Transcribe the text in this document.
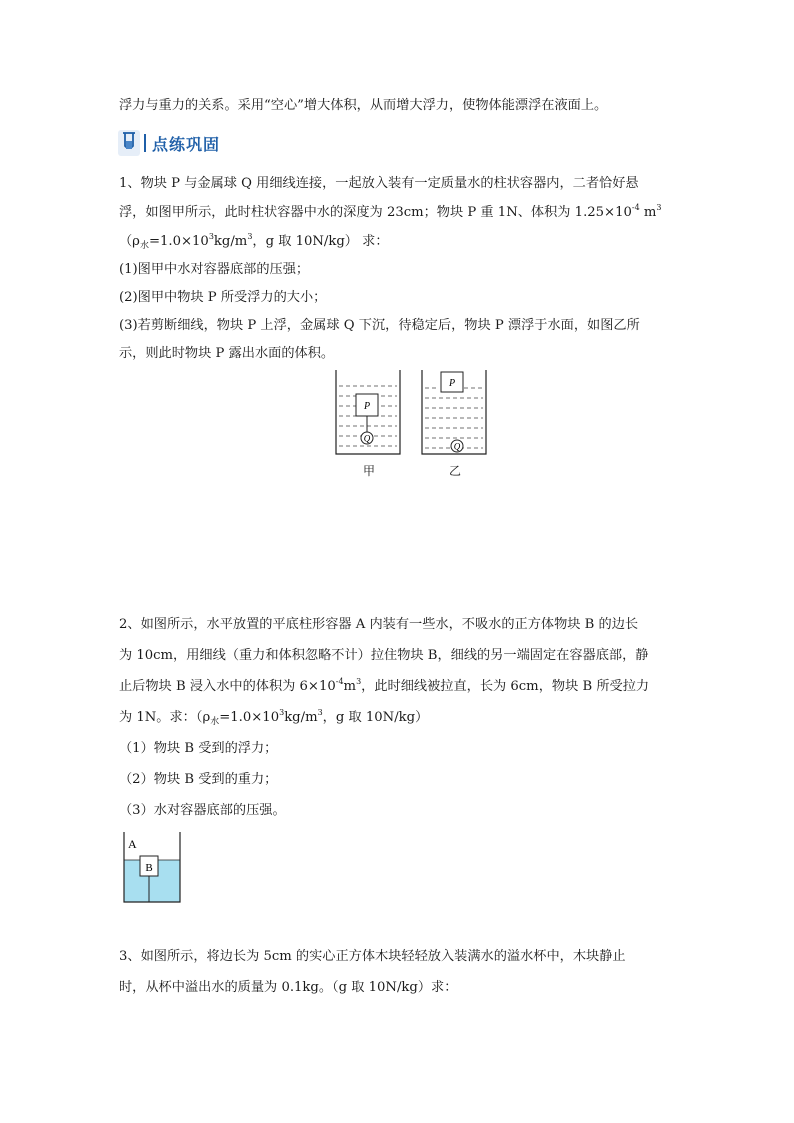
浮力与重力的关系。采用“空心”增大体积，从而增大浮力，使物体能漂浮在液面上。
点练巩固
1、物块 P 与金属球 Q 用细线连接，一起放入装有一定质量水的柱状容器内，二者恰好悬
浮，如图甲所示，此时柱状容器中水的深度为 23cm；物块 P 重 1N、体积为 $1.25\times 10^{-4}$ $m^3$
（$\rho_水=1.0\times 10^3kg/m^3$，g 取 10N/kg） 求：
(1)图甲中水对容器底部的压强；
(2)图甲中物块 P 所受浮力的大小；
(3)若剪断细线，物块 P 上浮，金属球 Q 下沉，待稳定后，物块 P 漂浮于水面，如图乙所
示，则此时物块 P 露出水面的体积。
P
Q
P
Q
甲	乙
2、如图所示，水平放置的平底柱形容器 A 内装有一些水，不吸水的正方体物块 B 的边长
为 10cm，用细线（重力和体积忽略不计）拉住物块 B，细线的另一端固定在容器底部，静
止后物块 B 浸入水中的体积为 $6\times 10^{-4}m^3$，此时细线被拉直，长为 6cm，物块 B 所受拉力
为 1N。求：（$\rho_水=1.0\times 10^3kg/m^3$，g 取 10N/kg）
（1）物块 B 受到的浮力；
（2）物块 B 受到的重力；
（3）水对容器底部的压强。
A
B
3、如图所示，将边长为 5cm 的实心正方体木块轻轻放入装满水的溢水杯中，木块静止
时，从杯中溢出水的质量为 0.1kg。（g 取 10N/kg）求：
